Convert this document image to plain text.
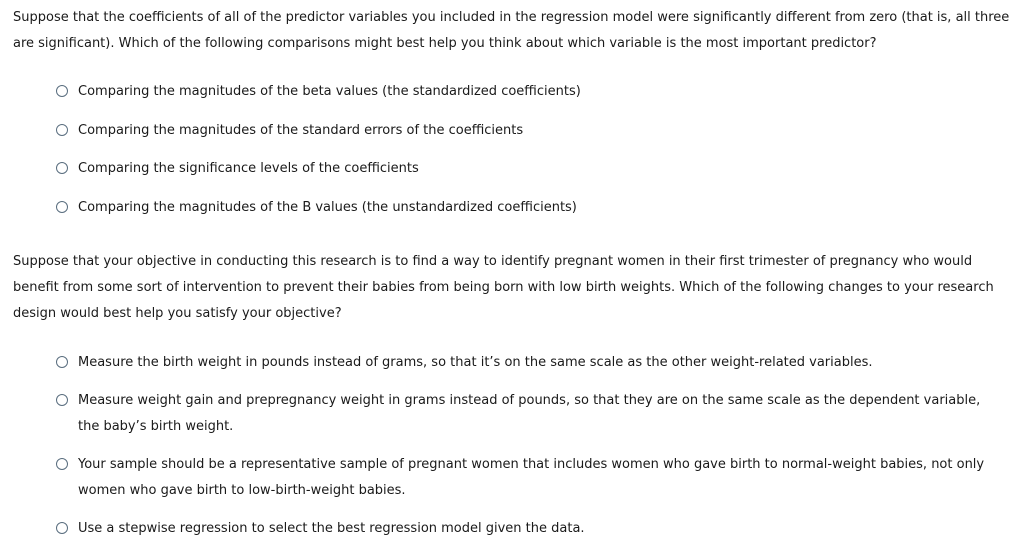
Suppose that the coefficients of all of the predictor variables you included in the regression model were significantly different from zero (that is, all three are significant). Which of the following comparisons might best help you think about which variable is the most important predictor?

Comparing the magnitudes of the beta values (the standardized coefficients)
Comparing the magnitudes of the standard errors of the coefficients
Comparing the significance levels of the coefficients
Comparing the magnitudes of the B values (the unstandardized coefficients)

Suppose that your objective in conducting this research is to find a way to identify pregnant women in their first trimester of pregnancy who would benefit from some sort of intervention to prevent their babies from being born with low birth weights. Which of the following changes to your research design would best help you satisfy your objective?

Measure the birth weight in pounds instead of grams, so that it’s on the same scale as the other weight-related variables.
Measure weight gain and prepregnancy weight in grams instead of pounds, so that they are on the same scale as the dependent variable, the baby’s birth weight.
Your sample should be a representative sample of pregnant women that includes women who gave birth to normal-weight babies, not only women who gave birth to low-birth-weight babies.
Use a stepwise regression to select the best regression model given the data.
